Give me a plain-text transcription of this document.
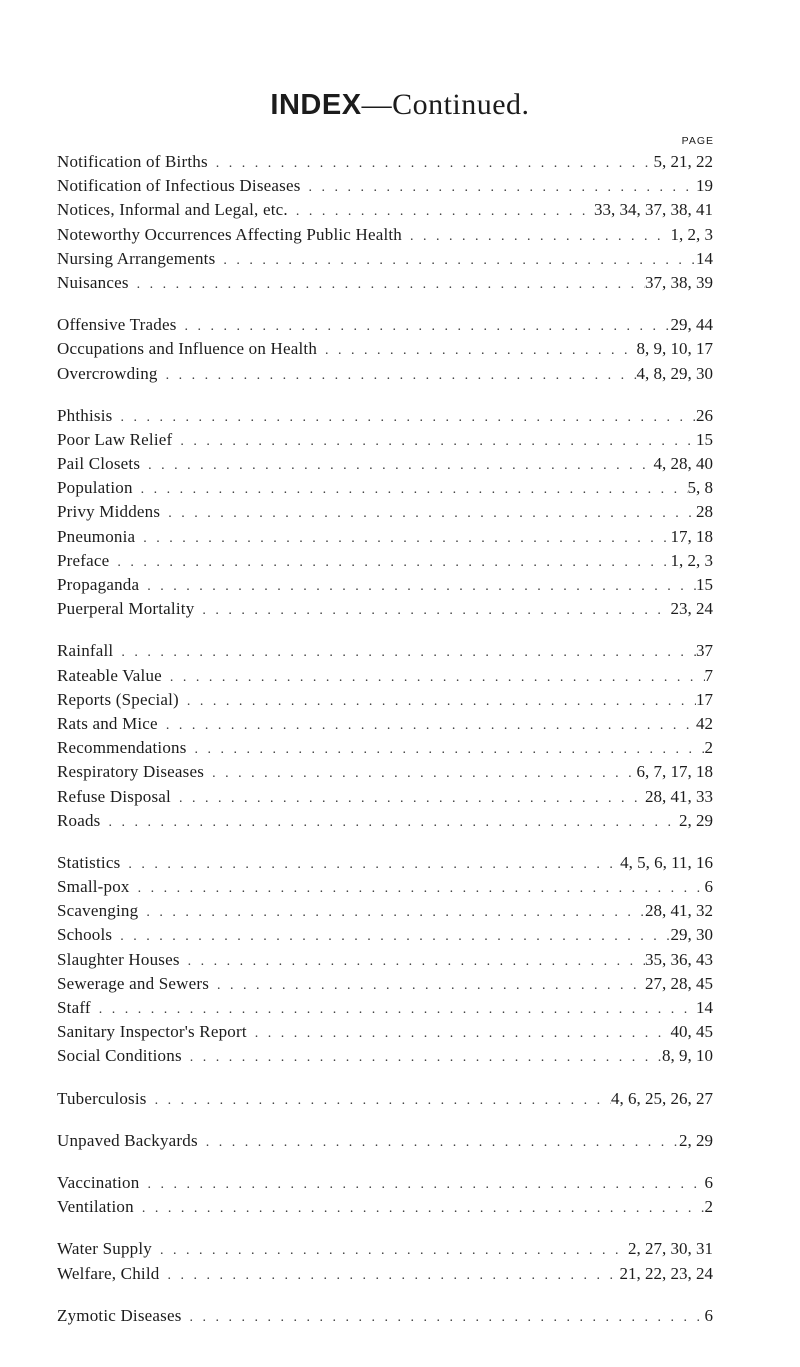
INDEX—Continued.
PAGE
Notification of Births . . .	5, 21, 22
Notification of Infectious Diseases . . .	19
Notices, Informal and Legal, etc. . . .	33, 34, 37, 38, 41
Noteworthy Occurrences Affecting Public Health . . .	1, 2, 3
Nursing Arrangements . . .	14
Nuisances . . .	37, 38, 39
Offensive Trades . . .	29, 44
Occupations and Influence on Health . . .	8, 9, 10, 17
Overcrowding . . .	4, 8, 29, 30
Phthisis . . .	26
Poor Law Relief . . .	15
Pail Closets . . .	4, 28, 40
Population . . .	5, 8
Privy Middens . . .	28
Pneumonia . . .	17, 18
Preface . . .	1, 2, 3
Propaganda . . .	15
Puerperal Mortality . . .	23, 24
Rainfall . . .	37
Rateable Value . . .	7
Reports (Special) . . .	17
Rats and Mice . . .	42
Recommendations . . .	2
Respiratory Diseases . . .	6, 7, 17, 18
Refuse Disposal . . .	28, 41, 33
Roads . . .	2, 29
Statistics . . .	4, 5, 6, 11, 16
Small-pox . . .	6
Scavenging . . .	28, 41, 32
Schools . . .	29, 30
Slaughter Houses . . .	35, 36, 43
Sewerage and Sewers . . .	27, 28, 45
Staff . . .	14
Sanitary Inspector's Report . . .	40, 45
Social Conditions . . .	8, 9, 10
Tuberculosis . . .	4, 6, 25, 26, 27
Unpaved Backyards . . .	2, 29
Vaccination . . .	6
Ventilation . . .	2
Water Supply . . .	2, 27, 30, 31
Welfare, Child . . .	21, 22, 23, 24
Zymotic Diseases . . .	6
